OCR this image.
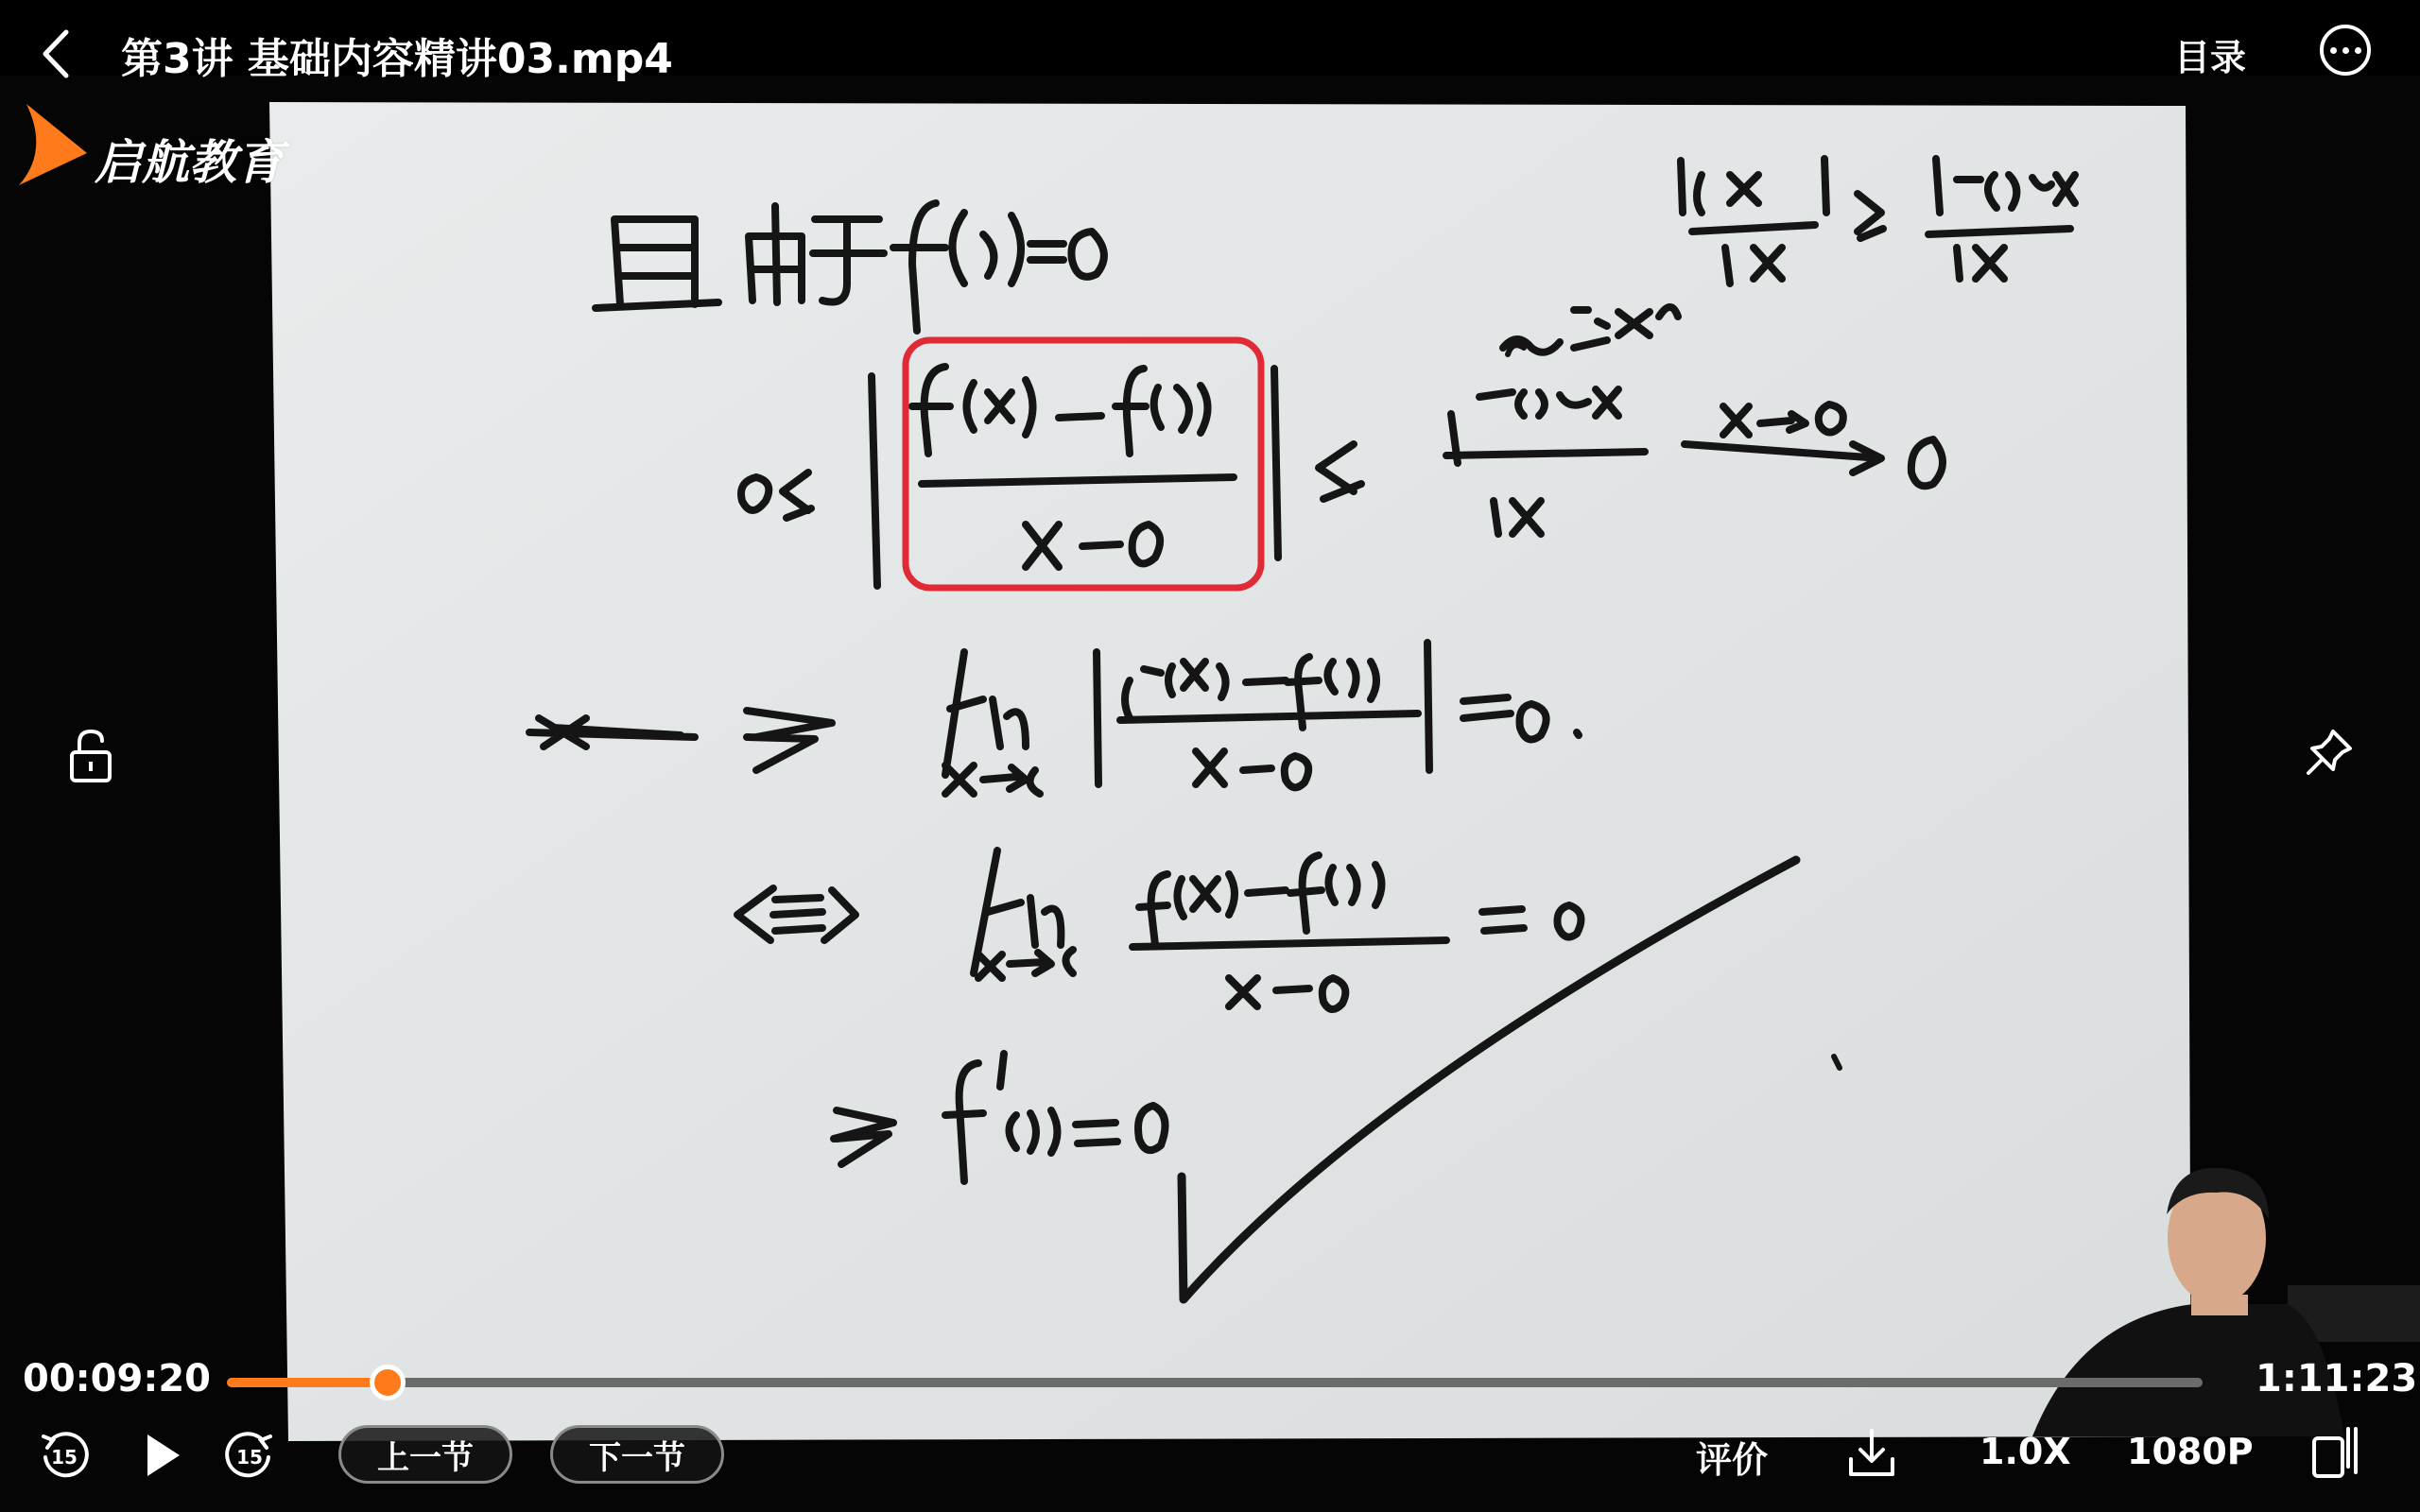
第3讲 基础内容精讲03.mp4	目录
启航教育
00:09:20	1:11:23
15	15	上一节	下一节	评价	1.0X 1080P
